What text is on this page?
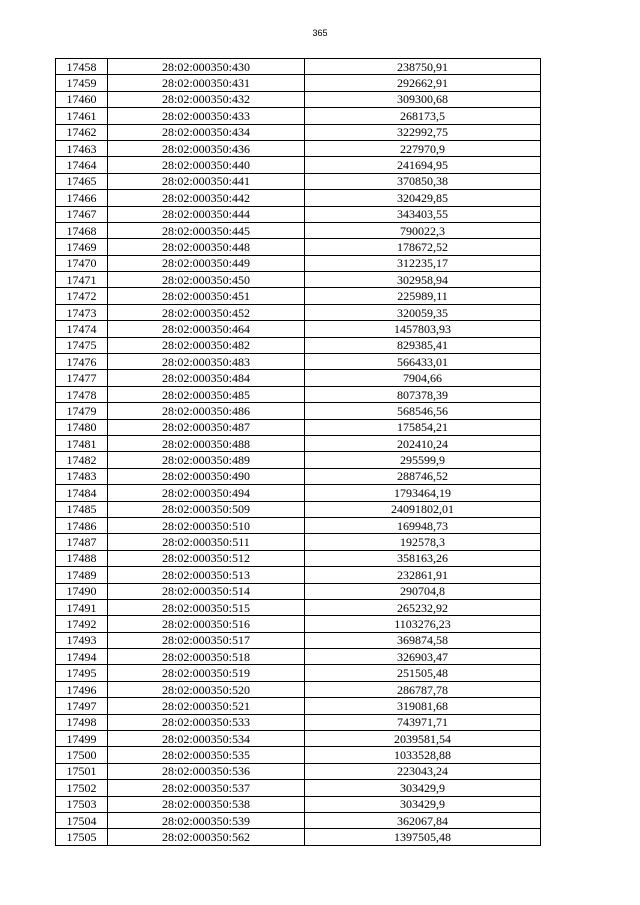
365
17458	28:02:000350:430	238750,91
17459	28:02:000350:431	292662,91
17460	28:02:000350:432	309300,68
17461	28:02:000350:433	268173,5
17462	28:02:000350:434	322992,75
17463	28:02:000350:436	227970,9
17464	28:02:000350:440	241694,95
17465	28:02:000350:441	370850,38
17466	28:02:000350:442	320429,85
17467	28:02:000350:444	343403,55
17468	28:02:000350:445	790022,3
17469	28:02:000350:448	178672,52
17470	28:02:000350:449	312235,17
17471	28:02:000350:450	302958,94
17472	28:02:000350:451	225989,11
17473	28:02:000350:452	320059,35
17474	28:02:000350:464	1457803,93
17475	28:02:000350:482	829385,41
17476	28:02:000350:483	566433,01
17477	28:02:000350:484	7904,66
17478	28:02:000350:485	807378,39
17479	28:02:000350:486	568546,56
17480	28:02:000350:487	175854,21
17481	28:02:000350:488	202410,24
17482	28:02:000350:489	295599,9
17483	28:02:000350:490	288746,52
17484	28:02:000350:494	1793464,19
17485	28:02:000350:509	24091802,01
17486	28:02:000350:510	169948,73
17487	28:02:000350:511	192578,3
17488	28:02:000350:512	358163,26
17489	28:02:000350:513	232861,91
17490	28:02:000350:514	290704,8
17491	28:02:000350:515	265232,92
17492	28:02:000350:516	1103276,23
17493	28:02:000350:517	369874,58
17494	28:02:000350:518	326903,47
17495	28:02:000350:519	251505,48
17496	28:02:000350:520	286787,78
17497	28:02:000350:521	319081,68
17498	28:02:000350:533	743971,71
17499	28:02:000350:534	2039581,54
17500	28:02:000350:535	1033528,88
17501	28:02:000350:536	223043,24
17502	28:02:000350:537	303429,9
17503	28:02:000350:538	303429,9
17504	28:02:000350:539	362067,84
17505	28:02:000350:562	1397505,48
